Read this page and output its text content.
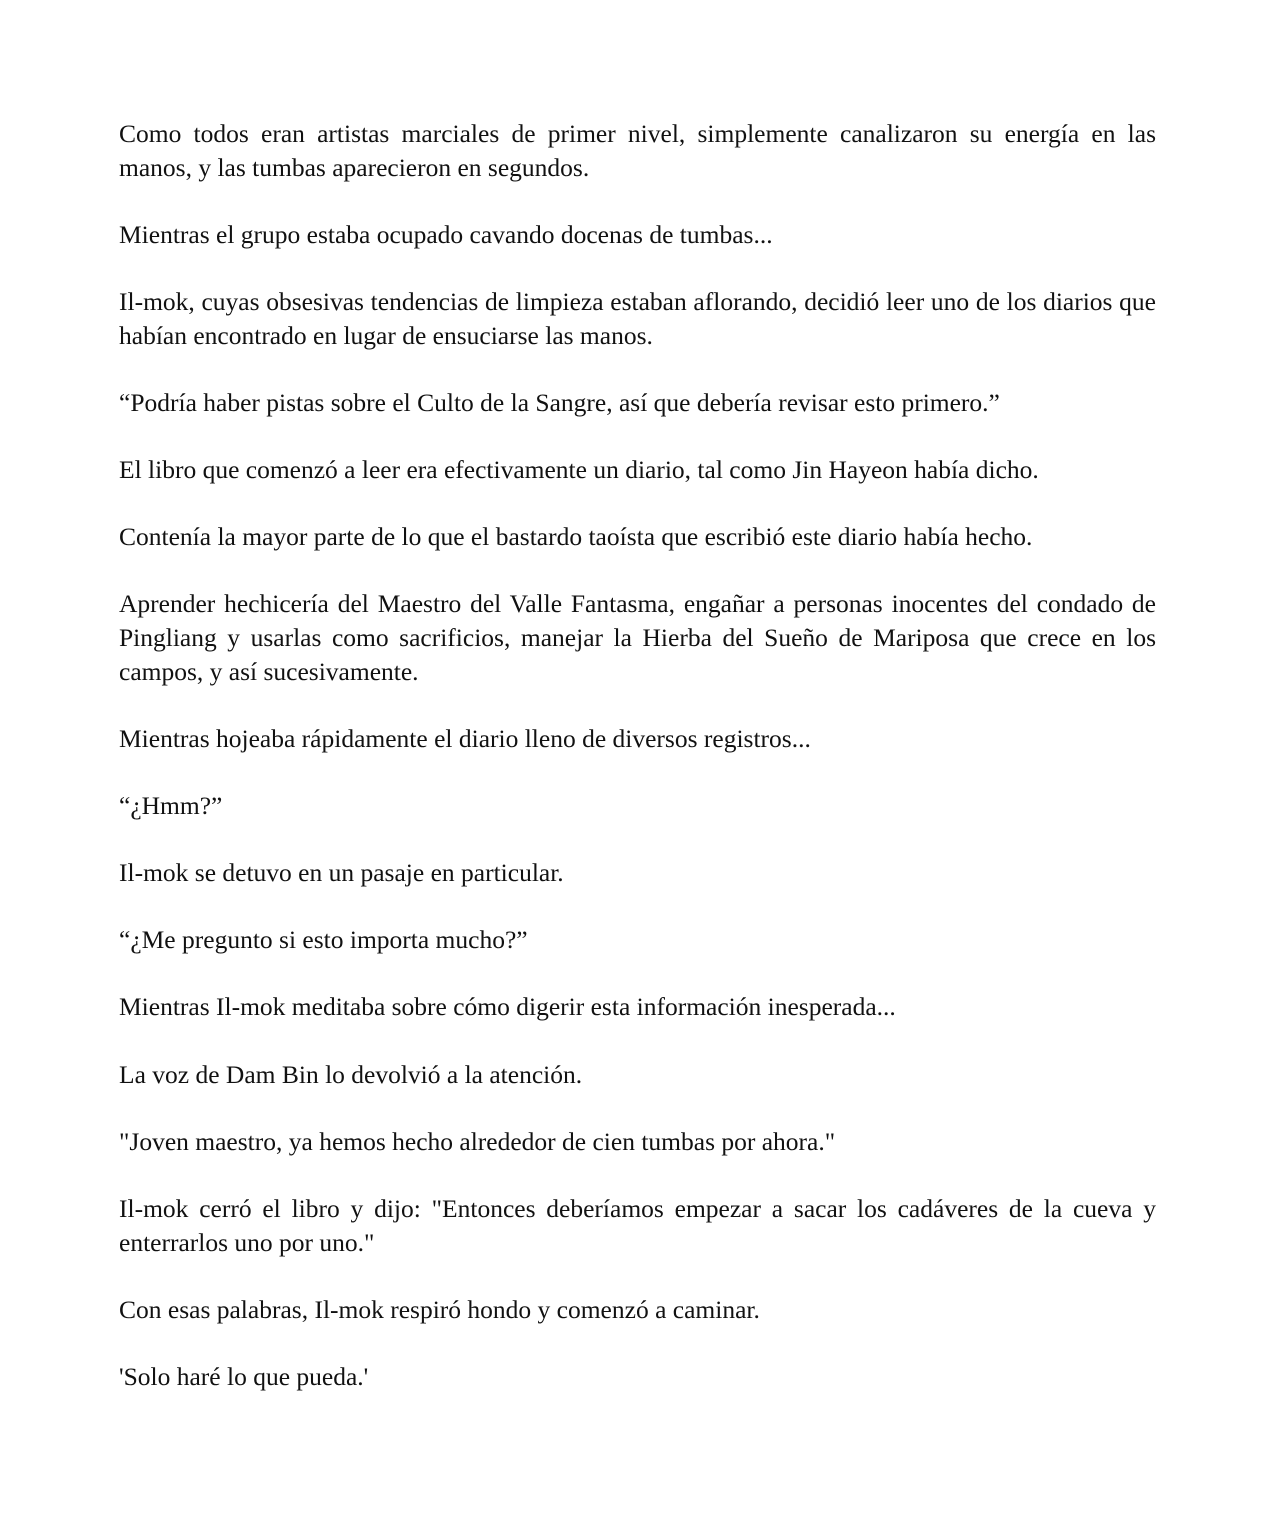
Como todos eran artistas marciales de primer nivel, simplemente canalizaron su energía en las manos, y las tumbas aparecieron en segundos.

Mientras el grupo estaba ocupado cavando docenas de tumbas...

Il-mok, cuyas obsesivas tendencias de limpieza estaban aflorando, decidió leer uno de los diarios que habían encontrado en lugar de ensuciarse las manos.

“Podría haber pistas sobre el Culto de la Sangre, así que debería revisar esto primero.”

El libro que comenzó a leer era efectivamente un diario, tal como Jin Hayeon había dicho.

Contenía la mayor parte de lo que el bastardo taoísta que escribió este diario había hecho.

Aprender hechicería del Maestro del Valle Fantasma, engañar a personas inocentes del condado de Pingliang y usarlas como sacrificios, manejar la Hierba del Sueño de Mariposa que crece en los campos, y así sucesivamente.

Mientras hojeaba rápidamente el diario lleno de diversos registros...

“¿Hmm?”

Il-mok se detuvo en un pasaje en particular.

“¿Me pregunto si esto importa mucho?”

Mientras Il-mok meditaba sobre cómo digerir esta información inesperada...

La voz de Dam Bin lo devolvió a la atención.

"Joven maestro, ya hemos hecho alrededor de cien tumbas por ahora."

Il-mok cerró el libro y dijo: "Entonces deberíamos empezar a sacar los cadáveres de la cueva y enterrarlos uno por uno."

Con esas palabras, Il-mok respiró hondo y comenzó a caminar.

'Solo haré lo que pueda.'
